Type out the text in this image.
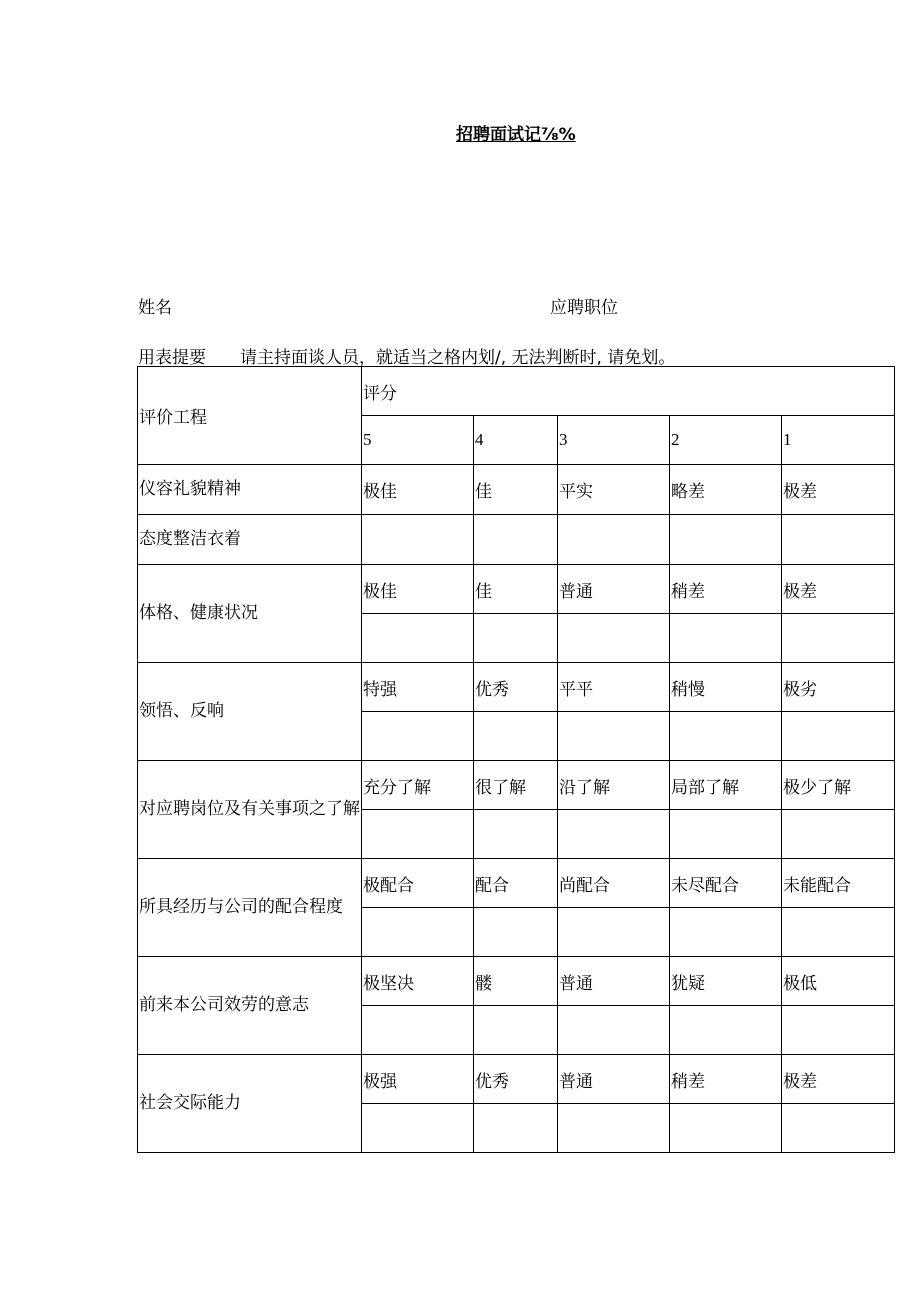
招聘面试记⅞%
姓名	应聘职位
用表提要 请主持面谈人员，就适当之格内划/, 无法判断时, 请免划。
评价工程	评分				
	5	4	3	2	1
仪容礼貌精神	极佳	佳	平实	略差	极差
态度整洁衣着					
体格、健康状况	极佳	佳	普通	稍差	极差

领悟、反响	特强	优秀	平平	稍慢	极劣

对应聘岗位及有关事项之了解	充分了解	很了解	沿了解	局部了解	极少了解

所具经历与公司的配合程度	极配合	配合	尚配合	未尽配合	未能配合

前来本公司效劳的意志	极坚决	髅	普通	犹疑	极低

社会交际能力	极强	优秀	普通	稍差	极差
